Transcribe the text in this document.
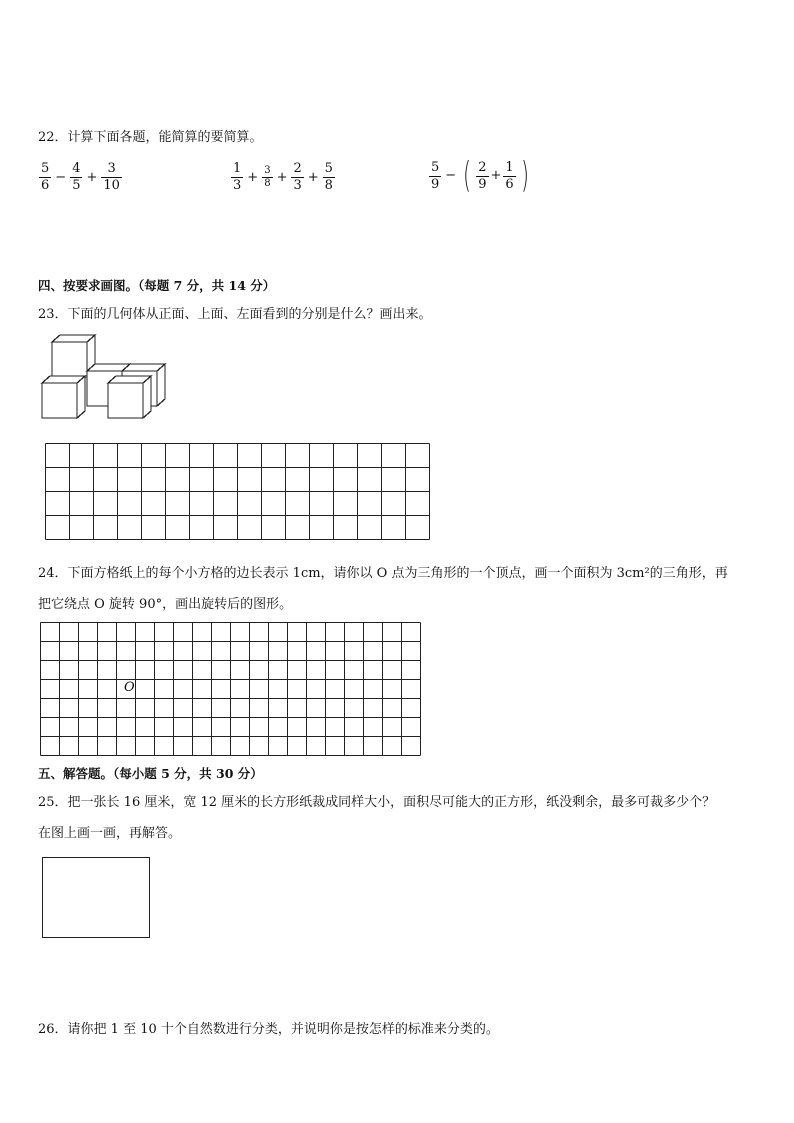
22．计算下面各题，能简算的要简算。
$\frac{5}{6} - \frac{4}{5} + \frac{3}{10}$	$\frac{1}{3} + \frac{3}{8} + \frac{2}{3} + \frac{5}{8}$	$\frac{5}{9}$ − ( $\frac{2}{9} + \frac{1}{6}$ )
四、按要求画图。（每题 7 分，共 14 分）
23．下面的几何体从正面、上面、左面看到的分别是什么？画出来。
24．下面方格纸上的每个小方格的边长表示 1cm，请你以 O 点为三角形的一个顶点，画一个面积为 3cm²的三角形，再
把它绕点 O 旋转 90°，画出旋转后的图形。
O
五、解答题。（每小题 5 分，共 30 分）
25．把一张长 16 厘米，宽 12 厘米的长方形纸裁成同样大小，面积尽可能大的正方形，纸没剩余，最多可裁多少个？
在图上画一画，再解答。
26．请你把 1 至 10 十个自然数进行分类，并说明你是按怎样的标准来分类的。
